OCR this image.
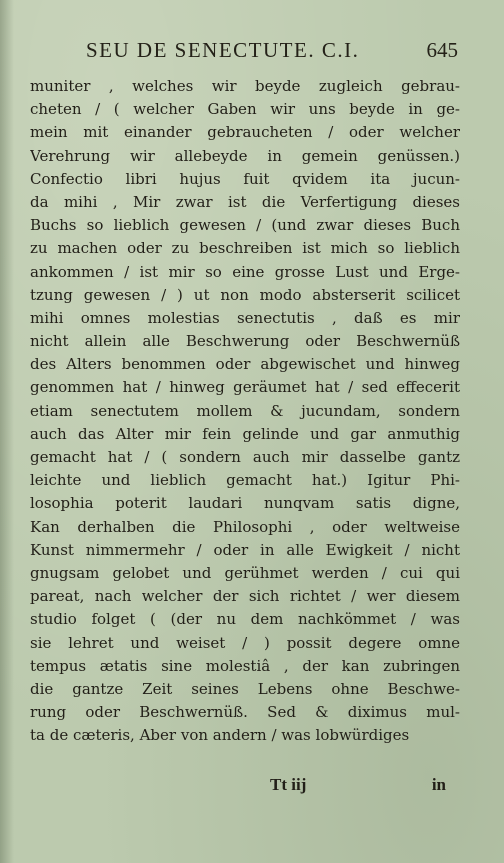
SEU DE SENECTUTE. C.I.	645
muniter , welches wir beyde zugleich gebrau-
cheten / ( welcher Gaben wir uns beyde in ge-
mein mit einander gebraucheten / oder welcher
Verehrung wir allebeyde in gemein genüssen.)
Confectio libri hujus fuit qvidem ita jucun-
da mihi , Mir zwar ist die Verfertigung dieses
Buchs so lieblich gewesen / (und zwar dieses Buch
zu machen oder zu beschreiben ist mich so lieblich
ankommen / ist mir so eine grosse Lust und Erge-
tzung gewesen / ) ut non modo absterserit scilicet
mihi omnes molestias senectutis , daß es mir
nicht allein alle Beschwerung oder Beschwernüß
des Alters benommen oder abgewischet und hinweg
genommen hat / hinweg geräumet hat / sed effecerit
etiam senectutem mollem & jucundam, sondern
auch das Alter mir fein gelinde und gar anmuthig
gemacht hat / ( sondern auch mir dasselbe gantz
leichte und lieblich gemacht hat.) Igitur Phi-
losophia poterit laudari nunqvam satis digne,
Kan derhalben die Philosophi , oder weltweise
Kunst nimmermehr / oder in alle Ewigkeit / nicht
gnugsam gelobet und gerühmet werden / cui qui
pareat, nach welcher der sich richtet / wer diesem
studio folget ( (der nu dem nachkömmet / was
sie lehret und weiset / ) possit degere omne
tempus ætatis sine molestiâ , der kan zubringen
die gantze Zeit seines Lebens ohne Beschwe-
rung oder Beschwernüß. Sed & diximus mul-
ta de cæteris, Aber von andern / was lobwürdiges
Tt iij	in
